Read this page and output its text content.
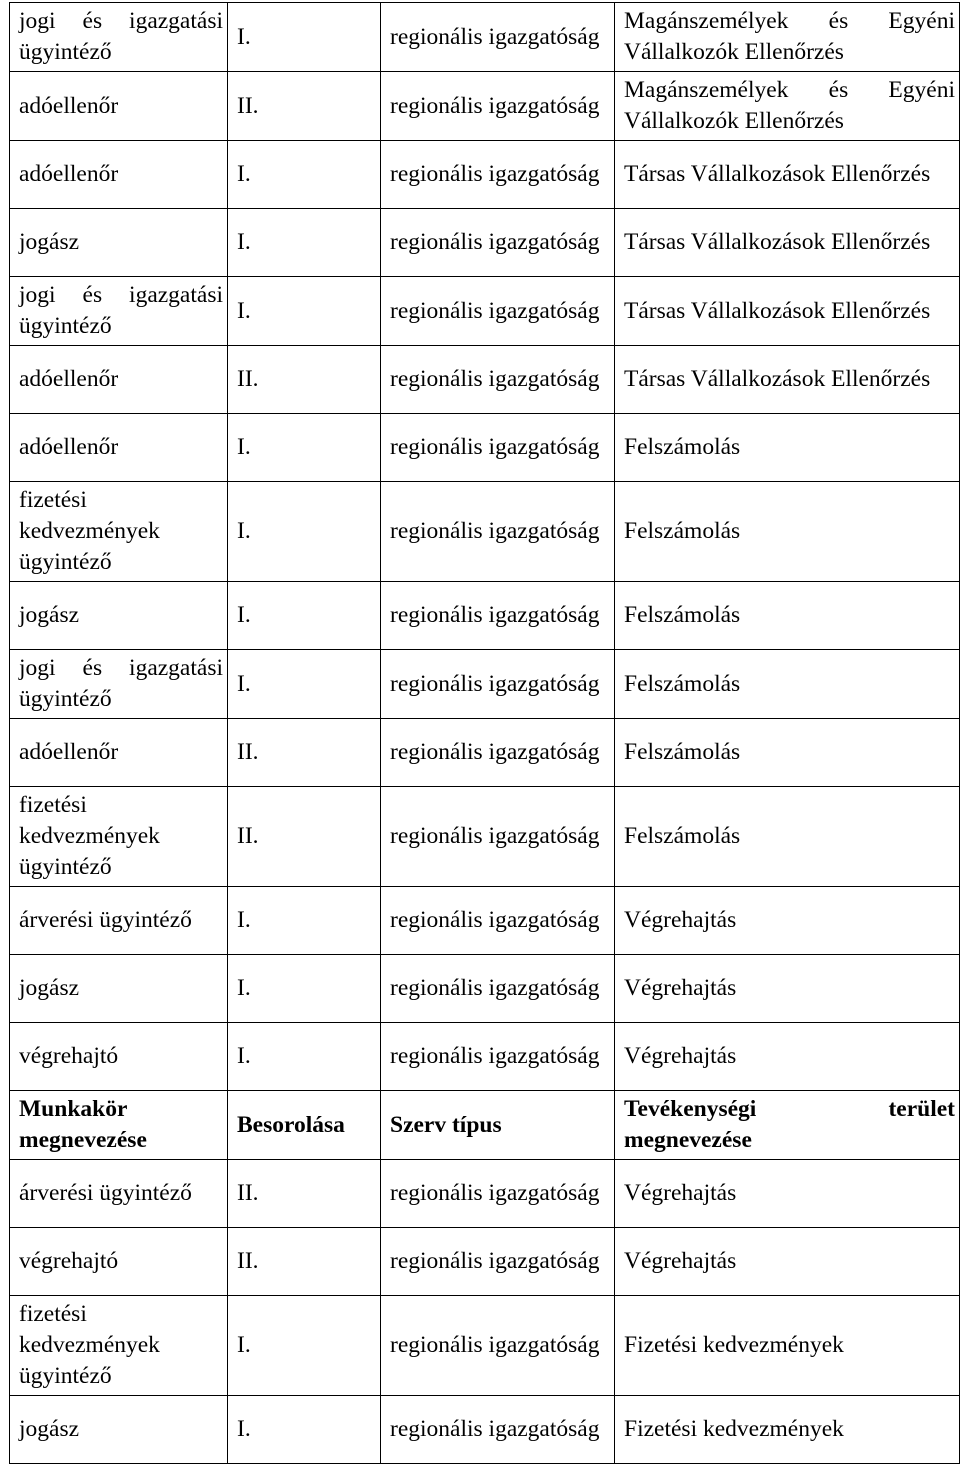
jogi és igazgatási ügyintéző	I.	regionális igazgatóság	Magánszemélyek és Egyéni Vállalkozók Ellenőrzés
adóellenőr	II.	regionális igazgatóság	Magánszemélyek és Egyéni Vállalkozók Ellenőrzés
adóellenőr	I.	regionális igazgatóság	Társas Vállalkozások Ellenőrzés
jogász	I.	regionális igazgatóság	Társas Vállalkozások Ellenőrzés
jogi és igazgatási ügyintéző	I.	regionális igazgatóság	Társas Vállalkozások Ellenőrzés
adóellenőr	II.	regionális igazgatóság	Társas Vállalkozások Ellenőrzés
adóellenőr	I.	regionális igazgatóság	Felszámolás
fizetési kedvezmények ügyintéző	I.	regionális igazgatóság	Felszámolás
jogász	I.	regionális igazgatóság	Felszámolás
jogi és igazgatási ügyintéző	I.	regionális igazgatóság	Felszámolás
adóellenőr	II.	regionális igazgatóság	Felszámolás
fizetési kedvezmények ügyintéző	II.	regionális igazgatóság	Felszámolás
árverési ügyintéző	I.	regionális igazgatóság	Végrehajtás
jogász	I.	regionális igazgatóság	Végrehajtás
végrehajtó	I.	regionális igazgatóság	Végrehajtás
Munkakör megnevezése	Besorolása	Szerv típus	Tevékenységi terület megnevezése
árverési ügyintéző	II.	regionális igazgatóság	Végrehajtás
végrehajtó	II.	regionális igazgatóság	Végrehajtás
fizetési kedvezmények ügyintéző	I.	regionális igazgatóság	Fizetési kedvezmények
jogász	I.	regionális igazgatóság	Fizetési kedvezmények
